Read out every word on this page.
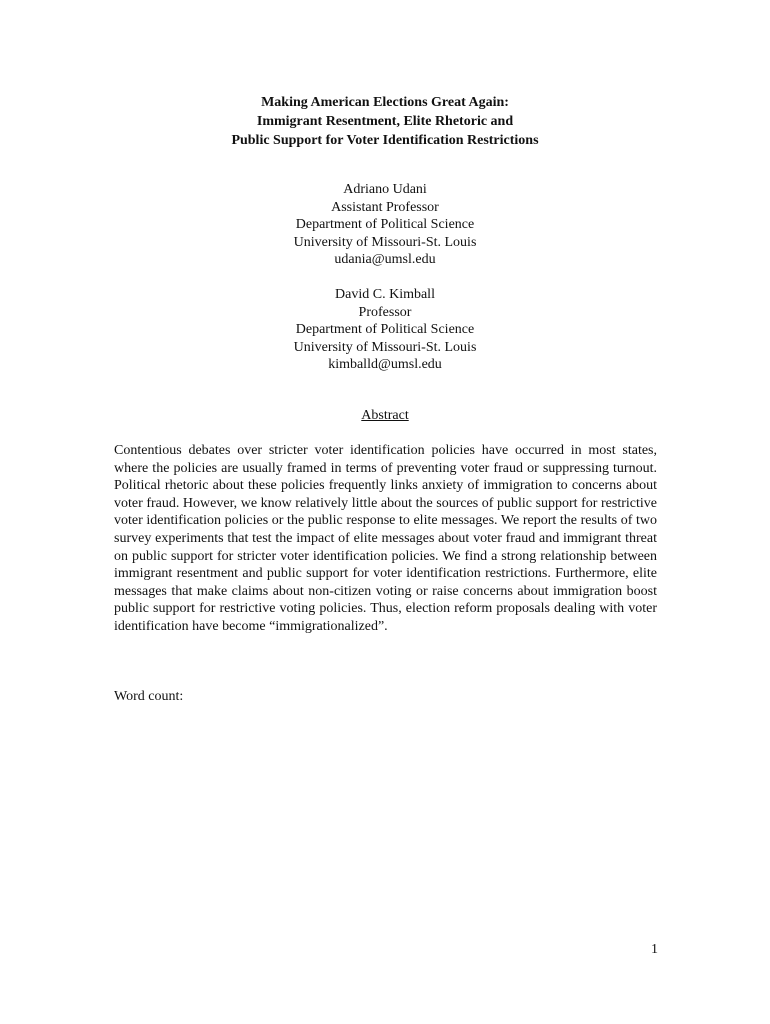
Making American Elections Great Again:
Immigrant Resentment, Elite Rhetoric and
Public Support for Voter Identification Restrictions
Adriano Udani
Assistant Professor
Department of Political Science
University of Missouri-St. Louis
udania@umsl.edu
David C. Kimball
Professor
Department of Political Science
University of Missouri-St. Louis
kimballd@umsl.edu
Abstract

Contentious debates over stricter voter identification policies have occurred in most states, where the policies are usually framed in terms of preventing voter fraud or suppressing turnout. Political rhetoric about these policies frequently links anxiety of immigration to concerns about voter fraud. However, we know relatively little about the sources of public support for restrictive voter identification policies or the public response to elite messages. We report the results of two survey experiments that test the impact of elite messages about voter fraud and immigrant threat on public support for stricter voter identification policies. We find a strong relationship between immigrant resentment and public support for voter identification restrictions. Furthermore, elite messages that make claims about non-citizen voting or raise concerns about immigration boost public support for restrictive voting policies. Thus, election reform proposals dealing with voter identification have become “immigrationalized”.

Word count:
1
